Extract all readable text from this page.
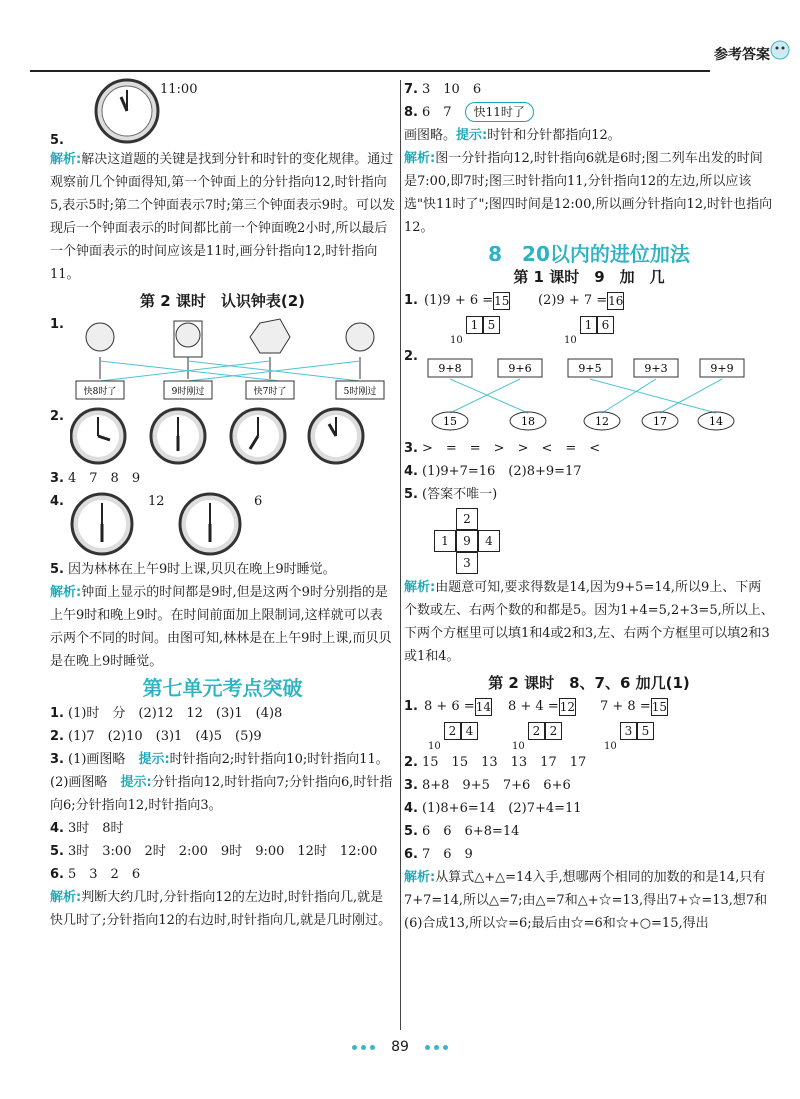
参考答案
5.
11:00
解析:解决这道题的关键是找到分针和时针的变化规律。通过观察前几个钟面得知,第一个钟面上的分针指向12,时针指向5,表示5时;第二个钟面表示7时;第三个钟面表示9时。可以发现后一个钟面表示的时间都比前一个钟面晚2小时,所以最后一个钟面表示的时间应该是11时,画分针指向12,时针指向11。
第 2 课时　认识钟表(2)
1.
快8时了	9时刚过	快7时了	5时刚过
2.
3. 4　7　8　9
4.	12	6
5. 因为林林在上午9时上课,贝贝在晚上9时睡觉。
解析:钟面上显示的时间都是9时,但是这两个9时分别指的是上午9时和晚上9时。在时间前面加上限制词,这样就可以表示两个不同的时间。由图可知,林林是在上午9时上课,而贝贝是在晚上9时睡觉。
第七单元考点突破
1. (1)时　分　(2)12　12　(3)1　(4)8
2. (1)7　(2)10　(3)1　(4)5　(5)9
3. (1)画图略　 提示:时针指向2;时针指向10;时针指向11。
(2)画图略　 提示:分针指向12,时针指向7;分针指向6,时针指向6;分针指向12,时针指向3。
4. 3时　8时
5. 3时　3:00　2时　2:00　9时　9:00　12时　12:00
6. 5　3　2　6
解析:判断大约几时,分针指向12的左边时,时针指向几,就是快几时了;分针指向12的右边时,时针指向几,就是几时刚过。
7. 3　10　6
8. 6　7　 快11时了
画图略。提示:时针和分针都指向12。
解析:图一分针指向12,时针指向6就是6时;图二列车出发的时间是7:00,即7时;图三时针指向11,分针指向12的左边,所以应该选"快11时了";图四时间是12:00,所以画分针指向12,时针也指向12。
8　20以内的进位加法
第 1 课时　9　加　几
1. (1)9 + 6 =15
1 5
10
(2)9 + 7 =16
1 6
10
2.
9+8	9+6	9+5	9+3	9+9
15	18	12	17	14
3. >　=　=　>　>　<　=　<
4. (1)9+7=16　(2)8+9=17
5. (答案不唯一)
2
1	9	4
3
解析:由题意可知,要求得数是14,因为9+5=14,所以9上、下两个数或左、右两个数的和都是5。因为1+4=5,2+3=5,所以上、下两个方框里可以填1和4或2和3,左、右两个方框里可以填2和3或1和4。
第 2 课时　8、7、6 加几(1)
1. 8 + 6 =14
2 4
10
8 + 4 =12
2 2
10
7 + 8 =15
3 5
10
2. 15　15　13　13　17　17
3. 8+8　9+5　7+6　6+6
4. (1)8+6=14　(2)7+4=11
5. 6　6　6+8=14
6. 7　6　9
解析:从算式△+△=14入手,想哪两个相同的加数的和是14,只有7+7=14,所以△=7;由△=7和△+☆=13,得出7+☆=13,想7和(6)合成13,所以☆=6;最后由☆=6和☆+○=15,得出
　89　
